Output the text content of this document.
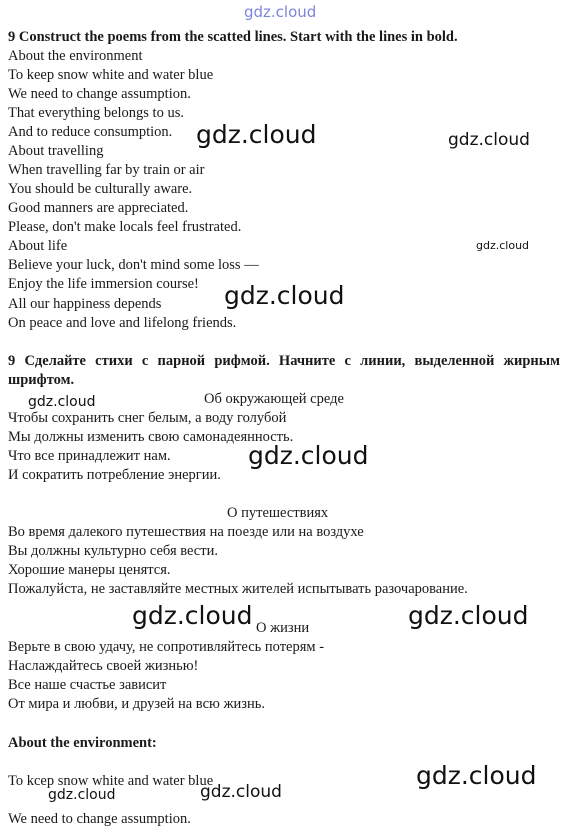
gdz.cloud
9 Construct the poems from the scatted lines. Start with the lines in bold.
About the environment
To keep snow white and water blue
We need to change assumption.
That everything belongs to us.
And to reduce consumption.
About travelling
When travelling far by train or air
You should be culturally aware.
Good manners are appreciated.
Please, don't make locals feel frustrated.
About life
Believe your luck, don't mind some loss —
Enjoy the life immersion course!
All our happiness depends
On peace and love and lifelong friends.
9 Сделайте стихи с парной рифмой. Начните с линии, выделенной жирным шрифтом.
Об окружающей среде
Чтобы сохранить снег белым, а воду голубой
Мы должны изменить свою самонадеянность.
Что все принадлежит нам.
И сократить потребление энергии.
О путешествиях
Во время далекого путешествия на поезде или на воздухе
Вы должны культурно себя вести.
Хорошие манеры ценятся.
Пожалуйста, не заставляйте местных жителей испытывать разочарование.
О жизни
Верьте в свою удачу, не сопротивляйтесь потерям -
Наслаждайтесь своей жизнью!
Все наше счастье зависит
От мира и любви, и друзей на всю жизнь.
About the environment:
To kcep snow white and water blue
We need to change assumption.
gdz.cloud	gdz.cloud
gdz.cloud
gdz.cloud
gdz.cloud
gdz.cloud
gdz.cloud	gdz.cloud
gdz.cloud
gdz.cloud	gdz.cloud
